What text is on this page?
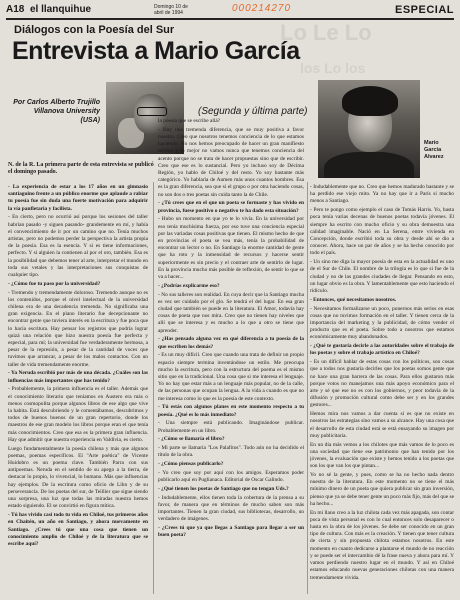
Lo Le Lo
los Lo los
A18 el llanquihue	Domingo 10 de
abril de 1994	000214270	ESPECIAL
Diálogos con la Poesía del Sur
Entrevista a Mario García
Por Carlos Alberto Trujillo
Villanova University
(USA)
(Segunda y última parte)
Mario
García
Alvarez
N. de la R. La primera parte de esta entrevista se publicó el domingo pasado.

- La experiencia de estar a los 17 años en un gimnasio santiaguino frente a un público enorme que aplaude a rabiar tu poesía fue sin duda una fuerte motivación para adquirir la vía panfletaria y facilista.

- En cierto, pero no ocurrió así porque los sesiones del taller habrían pasado -y siguen pasando- grandemente en mí, y había el convencimiento de ir por un camino que no. Tenía muchos artistas, pero no podemos perder la perspectiva la artista propia de la poesía. Esa es la esencia. Y si es tiene informaciones, perfecto. Y si alguien la contienen al por el oro, también. Esa es la posibilidad que debemos tener al arte, interpretar el mundo en toda sus vetales y las interpretaciones sus conquistas de cualquier tipo.

- ¿Cómo fue tu paso por la universidad?

- Tremendo y tremendamente doloroso. Tremendo aunque no es los contenidos, porque el nivel intelectual de la universidad chilena era de una decadencia tremenda. No significaba una gran exigencia. En el plano literario fue decepcionante no encontrar gente que tuviera interés en la escritura y fue poca que lo hacía escritura. Hay pensar los registros que podría lograr quizá una relación que hizo nuestra poesía fue perfecta y especial, para mí; la universidad fue verdaderamente hermosa, a pesar de la represión, a pesar de la cantidad de voces que tuvimos que arrancar, a pesar de los malos contactos. Con un taller de vida tremendamente enorme.

- Ya Neruda escribió por más de una década. ¿Cuáles son las influencias más importantes que has tenido?

- Probablemente, la primera influencia es el taller. Además que el conocimiento literario que teníamos en Austero era más o menos cosmopolita porque algunos libros de ese algo que vive la habita. Está descubriendo y le comentábamos, descubrimos y todos de buenos buenos de un gran repertorio, donde los maestros de ese gran modelo los libros porque eran el que tenía más conocimientos. Creo que esa es la primera gran influencia. Hay que admitir que nuestra experiencia en Valdivia, es cierto.

Luego fundamentalmente la poesía chilena y más que algunos poemas, poemas específicos. El "Arte poética" de Vicente Huidobro es un poema clave. También Parra con sus antipoemas. Neruda en el sentido de su apego a la tierra, de destacar lo propio, lo vivencial, lo humano. Más que influencias hay ejemplos. De la escritura como oficio de Lihn y de su perseverancia. De los poetas del sur, de Teillier que sigue siendo una sorpresa, una luz que todas las miradas nuestra hemos estado siguiendo. El se convirtió en figura mítica.

- Tú has vivido casi todo tu vida en Chiloé, tus primeros años en Chaitén, un año en Santiago, y ahora nuevamente en Santiago. ¿Crees tú que una cosa que tienen un conocimiento amplio de Chiloé y de la literatura que se escribe aquí?

la poesía que se escribe allá?

- Hay una tremenda diferencia, que se muy positiva a favor nuestro. Creo que nosotros tenemos conciencia de lo que estamos haciendo. No nos hemos preocupado de hacer un gran manifiesto teórico y lo mejor no vamos nunca que tenemos conciencia del acento porque no se trata de hacer propuestas sino que de escribir. Creo que ese es lo sustancial. Pero yo incluso soy de Décima Región, yo hablo de Chiloé y del resto. Yo soy bastante más categórico. Yo hablaría de Aumen más unos cuantos hombres. Esa es la gran diferencia, sea que si el grupo o por otra haciendo cosas, no son dos o tres poetas sin cuida tanto la de Chile.

- ¿Tú crees que en el que un poeta se formaste y has vivido en provincia, fuese positivo o negativo te ha dado esta situación?

- Hubo un momento en que yo te lo vivía. En la universidad por eso tenía muchísima fuerza, por eso tuve una conciencia especial por las variadas cosas positivas que tienen. El mismo hecho de que en provincias el poeta se vea más, tenía la probabilidad de encontrar un lector o no. En Santiago la enorme cantidad de gente que ha roto y la inmensidad de recursos y hacerse sentir superiormente es sin precio y el contraer arte de sentirlo de lugar. En la provincia mucho más posible de reflexión, de sentir lo que se va a hacer...

- ¿Podrías explicarme eso?

- No sus talleres son realidad. En cuya decir que la Santiago mucha es vez ser cuidado por el glo. Se tendrá el del lugar. En esa gran ciudad que también se puede en la literatura. El Amor, todavía hay cosas de poeta que nos mira. Creo que no tienen hay niveles que allí que se interesa y es mucho a lo que a otro se tiene que aprender.

- ¿Has pensado alguna vez en qué diferencia a tu poesía de la que escriben los demás?

- Es un muy difícil. Creo que cuando una trata de definir un propio espacio siempre termina inventándose un estilo. Me preocupa mucho la escritura, pero con la estructura del poema es el mismo sitio que en la tradicional. Una cosa que si me interesa el lenguaje. Yo no hay que estar más a un lenguaje más popular, no de la calle, de las personas que ocupan la lengua. A la vida a cuando es que no me interesa como lo que es la poesía de este contexto.

- Tú estás con algunos planes en este momento respecto a tu poesía. ¿Qué es lo más inmediato?

- Una siempre está publicando. Imaginándose publicar. Probablemente en un libro.

- ¿Cómo se llamaría el libro?

- Mi parte se llamaría "Los Palafitos". Todo aún no ha decidido el título de la obra.

- ¿Cómo piensas publicarlo?

- Yo creo que soy por aquí con los amigos. Esperamos poder publicarlo aquí en Puglianaca. Editorial de Oscar Galindo.

- ¿Qué tienen los poetas de Santiago que no tengan Uds.?

- Indudablemente, ellos tienen toda la cobertura de la prensa a su favor, de manera que en términos de mucho saben son más importantes. Tienen la gran ciudad, sus bibliotecas, desarrollo, un verdadero de imágenes.

- ¿Crees tú que ya que llegas a Santiago para llegar a ser un buen poeta?

- Indudablemente que no. Creo que hemos madurado bastante y se ha perdido ese viejo mito. Ya no hay que ir a París si mucho menos a Santiago.

- Pero te pongo como ejemplo el caso de Tomás Harris. Yo, basta poca tenía varias decenas de buenos poetas todavía jóvenes. El siempre ha escrito con mucho oficio y su obra demuestra una calidad imaginable. Nació en La Serena, entre vivienda en Concepción, donde escribió toda su obra y desde ahí se dio a conocer. Ahora, hace un par de años y se ha hecho conocido por todo el país.

- Un sino me diga la mayor poesía de esta en la actualidad es uno de el Sur de Chile. El nombre de la trilogía es lo que si fue de la ciudad y no de las grandes ciudades de llegar. Pensando en esto, un lugar obvio es la obra. Y lamentablemente que esto haciendo el ridículo.

- Entonces, qué necesitamos nosotros.

- Necesitamos formalizarse un poco, ponernos más serios en esas cosas que no tuvimos formación en el taller. Y tienen cerca de la importancia del marketing y la publicidad, de cómo vender el producto que es el poeta. Sobre todo a nosotros que estamos económicamente muy abandonados.

- ¿Qué te gustaría decirle a las autoridades sobre el trabajo de los poetas y sobre el trabajo artístico en Chiloé?

- Es un difícil hablar de estas cosas con los políticos, son cosas que a todos nos gustaría decirles que los poetas somos gente que no hace una gran barrera de las cosas. Para ellos gustaron más porque votos no manejamos una más apoyo económico para el arte y sé que ese no es con los gobiernos, y peor todavía de la difusión y promoción cultural como debe ser y en los grandes gestores...

Hemos mira nos vamos a dar cuenta si es que no existe en nosotros las estrategias sino vamos a su alcance. Hay una cosa que el desarrollo de esta ciudad está se está ensayando su imagen por muy publicitaria.

En un día más vemos a los chilotes que más vamos de lo poco es una sociedad que tiene ese patrimonio que han tenido por los jóvenes, la evaluación que existe y hemos tenido a los poetas que son los que van los que pintan...

Yo no sé la gente, y pues, como se ha no hecho nada dentro nuestra de la literatura. En este momento no se tiene el más mínimo dinero de un poeta que quiera publicar sin gran inversión, pienso que ya se debe tener gente un poco más fijo, más del que se ha hecho...

En mi llano creo a la luz chilota cada vez más apagada, son contar poca de vista personal es con lo cual entonces solo desaparecer o hasta en la obra de los jóvenes. Se debe ser conocido en un gran tipo de cultura. Con más es la creación. Y tienen que tener cultura de cierta y sin propuesta chilota estamos nosotros. En este momento en cuanto dedicarse a plantarse el mundo de no reacción y se puede ser el intercambio dé la frase nueva y ahora para mí. Y vamos perdiendo nuestro lugar en el mundo. Y así en Chiloé estamos educando nuevas generaciones chilotas con una manera tremendamente vivida.
